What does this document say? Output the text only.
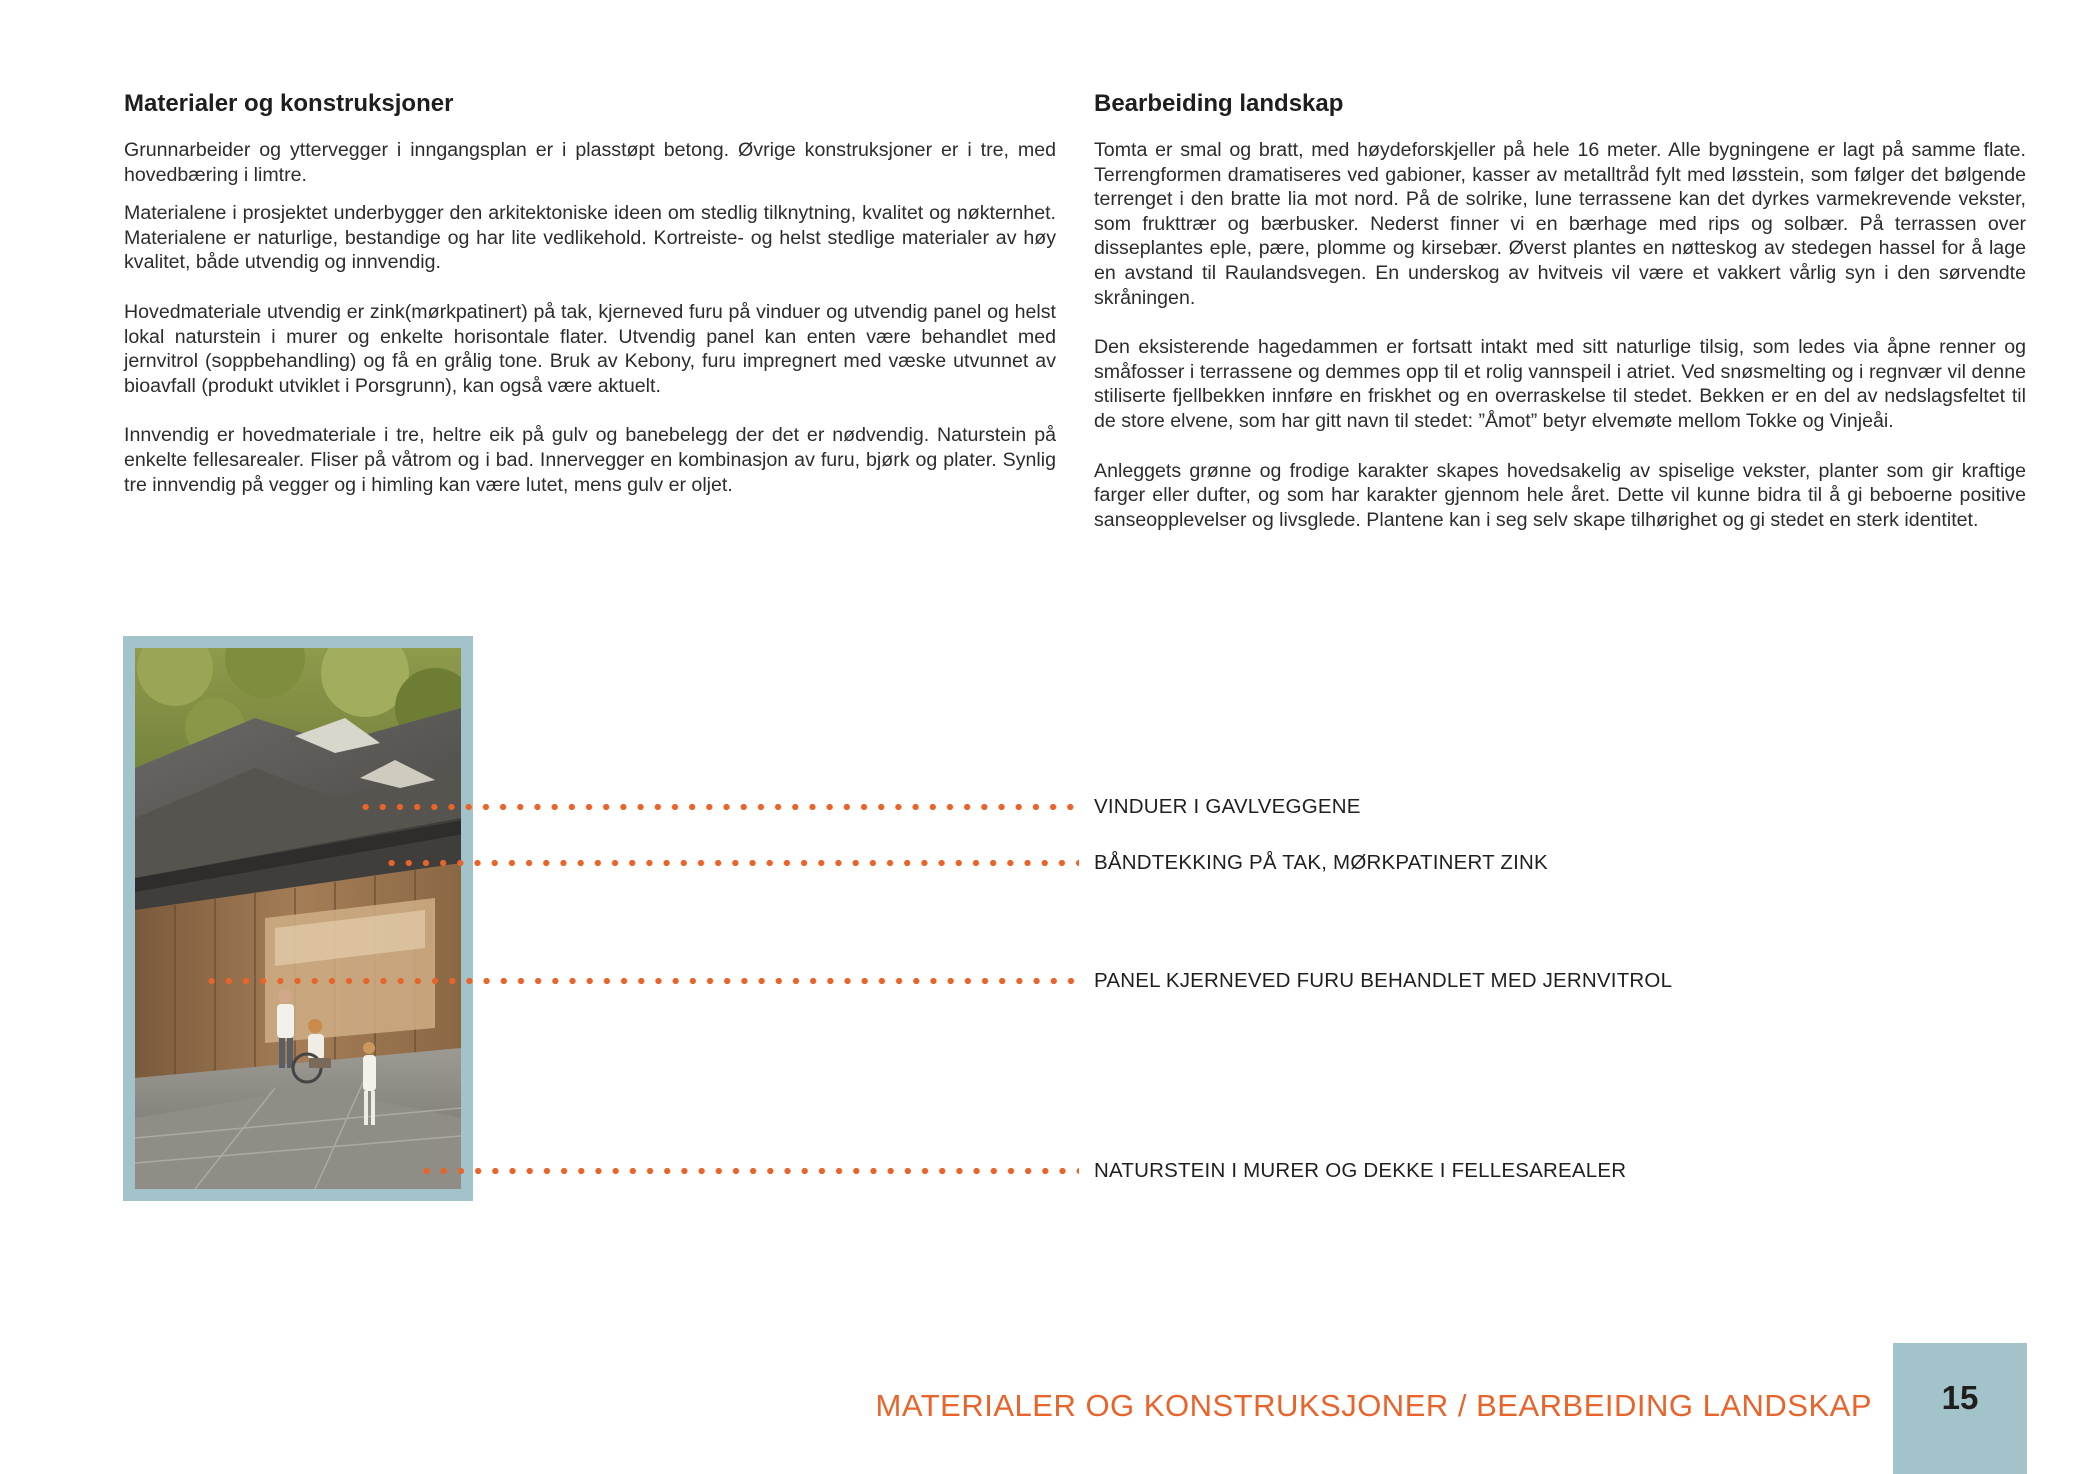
Materialer og konstruksjoner

Grunnarbeider og yttervegger i inngangsplan er i plasstøpt betong. Øvrige konstruksjoner er i tre, med hovedbæring i limtre.

Materialene i prosjektet underbygger den arkitektoniske ideen om stedlig tilknytning, kvalitet og nøkternhet. Materialene er naturlige, bestandige og har lite vedlikehold. Kortreiste- og helst stedlige materialer av høy kvalitet, både utvendig og innvendig.

Hovedmateriale utvendig er zink(mørkpatinert) på tak, kjerneved furu på vinduer og utvendig panel og helst lokal naturstein i murer og enkelte horisontale flater. Utvendig panel kan enten være behandlet med jernvitrol (soppbehandling) og få en grålig tone. Bruk av Kebony, furu impregnert med væske utvunnet av bioavfall (produkt utviklet i Porsgrunn), kan også være aktuelt.

Innvendig er hovedmateriale i tre, heltre eik på gulv og banebelegg der det er nødvendig. Naturstein på enkelte fellesarealer. Fliser på våtrom og i bad. Innervegger en kombinasjon av furu, bjørk og plater. Synlig tre innvendig på vegger og i himling kan være lutet, mens gulv er oljet.

Bearbeiding landskap

Tomta er smal og bratt, med høydeforskjeller på hele 16 meter. Alle bygningene er lagt på samme flate. Terrengformen dramatiseres ved gabioner, kasser av metalltråd fylt med løsstein, som følger det bølgende terrenget i den bratte lia mot nord. På de solrike, lune terrassene kan det dyrkes varmekrevende vekster, som frukttrær og bærbusker. Nederst finner vi en bærhage med rips og solbær. På terrassen over disseplantes eple, pære, plomme og kirsebær. Øverst plantes en nøtteskog av stedegen hassel for å lage en avstand til Raulandsvegen. En underskog av hvitveis vil være et vakkert vårlig syn i den sørvendte skråningen.

Den eksisterende hagedammen er fortsatt intakt med sitt naturlige tilsig, som ledes via åpne renner og småfosser i terrassene og demmes opp til et rolig vannspeil i atriet. Ved snøsmelting og i regnvær vil denne stiliserte fjellbekken innføre en friskhet og en overraskelse til stedet. Bekken er en del av nedslagsfeltet til de store elvene, som har gitt navn til stedet: ”Åmot” betyr elvemøte mellom Tokke og Vinjeåi.

Anleggets grønne og frodige karakter skapes hovedsakelig av spiselige vekster, planter som gir kraftige farger eller dufter, og som har karakter gjennom hele året. Dette vil kunne bidra til å gi beboerne positive sanseopplevelser og livsglede. Plantene kan i seg selv skape tilhørighet og gi stedet en sterk identitet.

VINDUER I GAVLVEGGENE
BÅNDTEKKING PÅ TAK, MØRKPATINERT ZINK
PANEL KJERNEVED FURU BEHANDLET MED JERNVITROL
NATURSTEIN I MURER OG DEKKE I FELLESAREALER
MATERIALER OG KONSTRUKSJONER / BEARBEIDING LANDSKAP	15
